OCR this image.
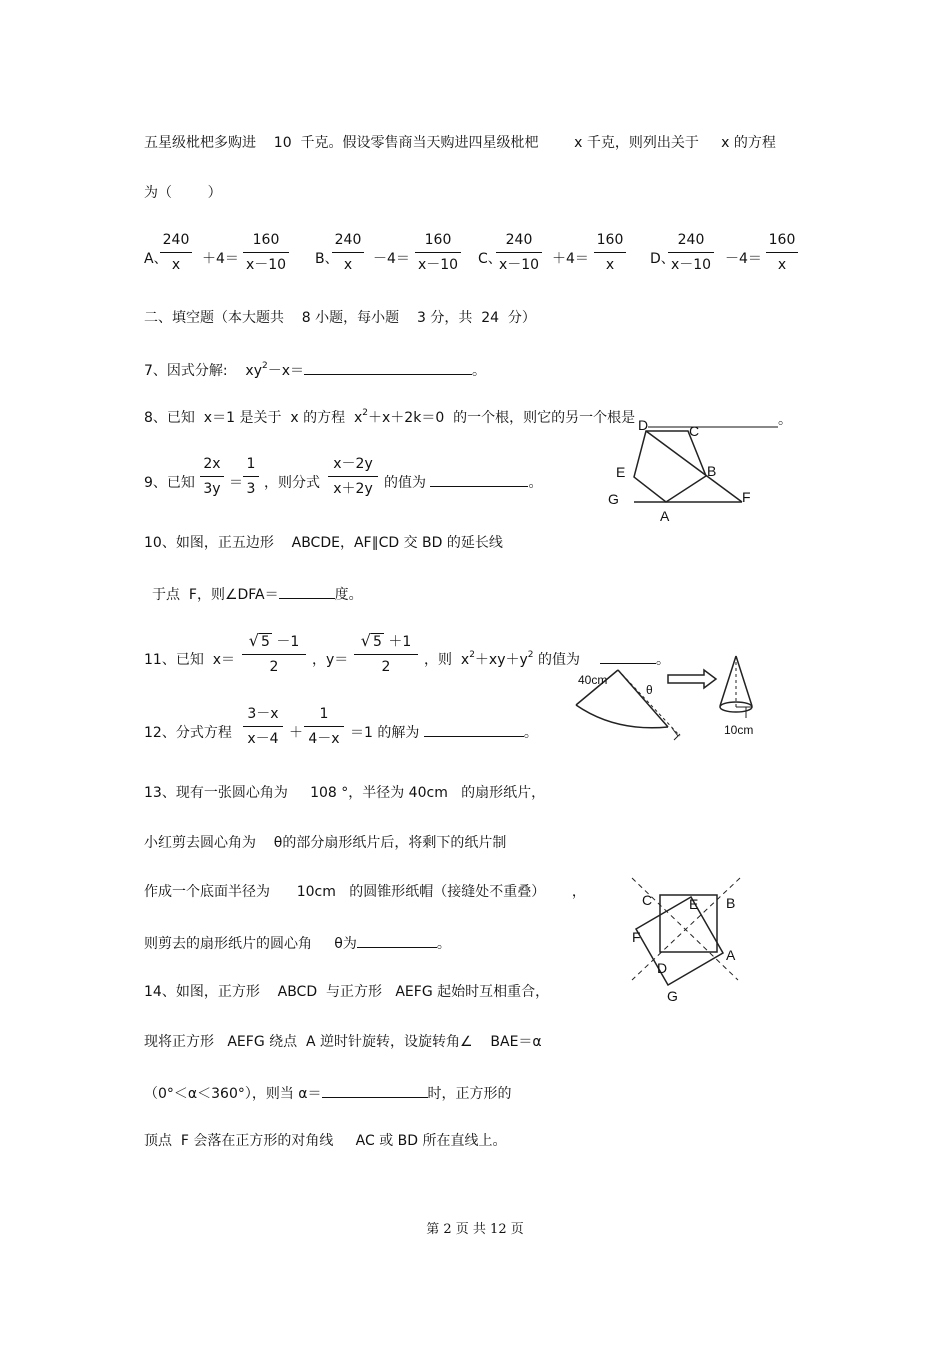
五星级枇杷多购进    10  千克。假设零售商当天购进四星级枇杷        x 千克，则列出关于     x 的方程
为（        ）
A、
$\frac{240}{x} +4= \frac{160}{x-10}$ B、
$\frac{240}{x} -4= \frac{160}{x-10}$ C、
$\frac{240}{x-10} +4= \frac{160}{x}$ D、
$\frac{240}{x-10} -4= \frac{160}{x}$
二、填空题（本大题共    8 小题，每小题    3 分，共  24  分）
7、因式分解:    $xy^2-x=$	。
8、已知  x＝1 是关于  x 的方程  $x^2+x+2k=0$  的一个根，则它的另一个根是	。
9、已知 $\frac{2x}{3y} = \frac{1}{3}$ ，则分式 $\frac{x-2y}{x+2y}$ 的值为	。
10、如图，正五边形    ABCDE，AF∥CD 交 BD 的延长线
于点  F，则∠DFA＝	度。
11、已知  $x= \frac{√ 5 -1}{2}$ ，$y= \frac{√ 5 +1}{2}$ ，则  $x^2+xy+y^2$ 的值为	。
12、分式方程 $\frac{3-x}{x-4} + \frac{1}{4-x} =1$ 的解为	。
13、现有一张圆心角为     108 °，半径为 40cm   的扇形纸片，
小红剪去圆心角为    θ的部分扇形纸片后，将剩下的纸片制
作成一个底面半径为      10cm   的圆锥形纸帽（接缝处不重叠）      ，
则剪去的扇形纸片的圆心角     θ为	。
14、如图，正方形    ABCD  与正方形   AEFG 起始时互相重合，
现将正方形   AEFG 绕点  A 逆时针旋转，设旋转角∠    BAE＝α
（0°＜α＜360°），则当 α＝	时，正方形的
顶点  F 会落在正方形的对角线     AC 或 BD 所在直线上。
D	C
E	B
G
A
F
40cm
θ
10cm
C	E B
F
A
D
G
第 2 页 共 12 页
